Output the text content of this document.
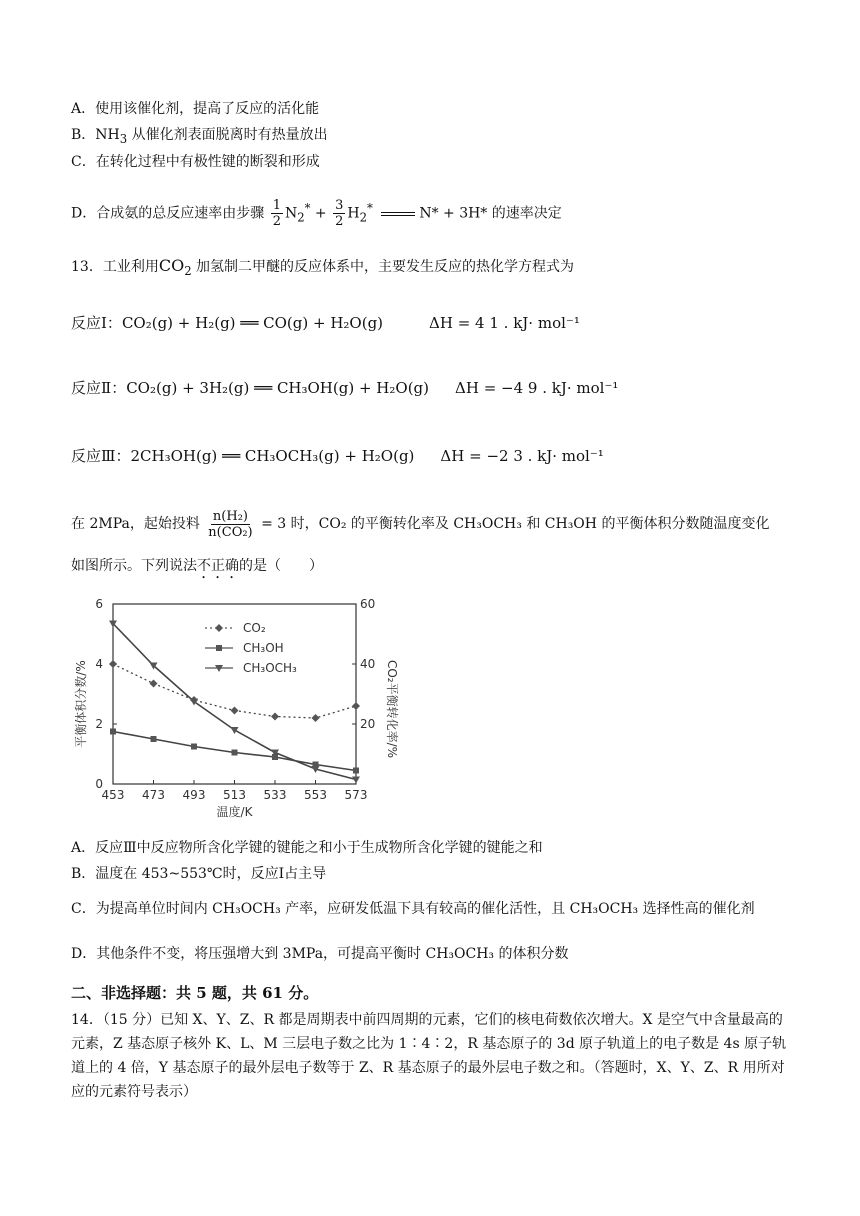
A．使用该催化剂，提高了反应的活化能
B．$NH_3$ 从催化剂表面脱离时有热量放出
C．在转化过程中有极性键的断裂和形成
D．合成氨的总反应速率由步骤 $\frac{1}{2} N_2^* + \frac{3}{2} H_2^*$	N* + 3H* 的速率决定
13．工业利用$CO_2$ 加氢制二甲醚的反应体系中，主要发生反应的热化学方程式为
反应Ⅰ：CO₂(g) + H₂(g) ══ CO(g) + H₂O(g)	ΔH = 4 1 . kJ· mol⁻¹
反应Ⅱ：CO₂(g) + 3H₂(g) ══ CH₃OH(g) + H₂O(g) ΔH = −4 9 . kJ· mol⁻¹
反应Ⅲ：2CH₃OH(g) ══ CH₃OCH₃(g) + H₂O(g) ΔH = −2 3 . kJ· mol⁻¹
在 2MPa，起始投料 $\frac{\text{n(H₂)}}{\text{n(CO₂)}} = 3$ 时，CO₂ 的平衡转化率及 CH₃OCH₃ 和 CH₃OH 的平衡体积分数随温度变化
如图所示。下列说法不正确的是（　　）
453 473 493 513 533 553 573
0
2
4
6
20
40
60
温度/K
平衡体积分数/%	CO₂平衡转化率/%
CO₂
CH₃OH
CH₃OCH₃
A．反应Ⅲ中反应物所含化学键的键能之和小于生成物所含化学键的键能之和
B．温度在 453~553℃时，反应Ⅰ占主导
C．为提高单位时间内 CH₃OCH₃ 产率，应研发低温下具有较高的催化活性，且 CH₃OCH₃ 选择性高的催化剂
D．其他条件不变，将压强增大到 3MPa，可提高平衡时 CH₃OCH₃ 的体积分数
二、非选择题：共 5 题，共 61 分。
14．（15 分）已知 X、Y、Z、R 都是周期表中前四周期的元素，它们的核电荷数依次增大。X 是空气中含量最高的元素，Z 基态原子核外 K、L、M 三层电子数之比为 1∶4∶2，R 基态原子的 3d 原子轨道上的电子数是 4s 原子轨道上的 4 倍，Y 基态原子的最外层电子数等于 Z、R 基态原子的最外层电子数之和。（答题时，X、Y、Z、R 用所对应的元素符号表示）
